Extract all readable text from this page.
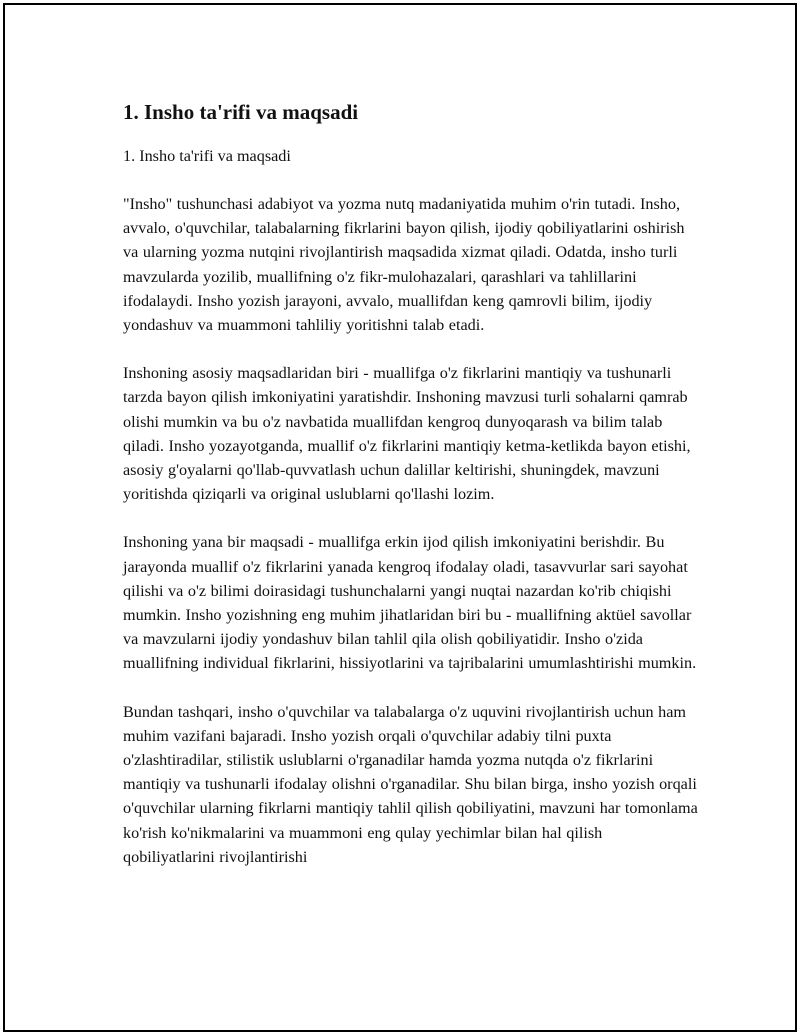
1. Insho ta'rifi va maqsadi

1. Insho ta'rifi va maqsadi

"Insho" tushunchasi adabiyot va yozma nutq madaniyatida muhim o'rin tutadi. Insho, avvalo, o'quvchilar, talabalarning fikrlarini bayon qilish, ijodiy qobiliyatlarini oshirish va ularning yozma nutqini rivojlantirish maqsadida xizmat qiladi. Odatda, insho turli mavzularda yozilib, muallifning o'z fikr-mulohazalari, qarashlari va tahlillarini ifodalaydi. Insho yozish jarayoni, avvalo, muallifdan keng qamrovli bilim, ijodiy yondashuv va muammoni tahliliy yoritishni talab etadi.

Inshoning asosiy maqsadlaridan biri - muallifga o'z fikrlarini mantiqiy va tushunarli tarzda bayon qilish imkoniyatini yaratishdir. Inshoning mavzusi turli sohalarni qamrab olishi mumkin va bu o'z navbatida muallifdan kengroq dunyoqarash va bilim talab qiladi. Insho yozayotganda, muallif o'z fikrlarini mantiqiy ketma-ketlikda bayon etishi, asosiy g'oyalarni qo'llab-quvvatlash uchun dalillar keltirishi, shuningdek, mavzuni yoritishda qiziqarli va original uslublarni qo'llashi lozim.

Inshoning yana bir maqsadi - muallifga erkin ijod qilish imkoniyatini berishdir. Bu jarayonda muallif o'z fikrlarini yanada kengroq ifodalay oladi, tasavvurlar sari sayohat qilishi va o'z bilimi doirasidagi tushunchalarni yangi nuqtai nazardan ko'rib chiqishi mumkin. Insho yozishning eng muhim jihatlaridan biri bu - muallifning aktüel savollar va mavzularni ijodiy yondashuv bilan tahlil qila olish qobiliyatidir. Insho o'zida muallifning individual fikrlarini, hissiyotlarini va tajribalarini umumlashtirishi mumkin.

Bundan tashqari, insho o'quvchilar va talabalarga o'z uquvini rivojlantirish uchun ham muhim vazifani bajaradi. Insho yozish orqali o'quvchilar adabiy tilni puxta o'zlashtiradilar, stilistik uslublarni o'rganadilar hamda yozma nutqda o'z fikrlarini mantiqiy va tushunarli ifodalay olishni o'rganadilar. Shu bilan birga, insho yozish orqali o'quvchilar ularning fikrlarni mantiqiy tahlil qilish qobiliyatini, mavzuni har tomonlama ko'rish ko'nikmalarini va muammoni eng qulay yechimlar bilan hal qilish qobiliyatlarini rivojlantirishi
